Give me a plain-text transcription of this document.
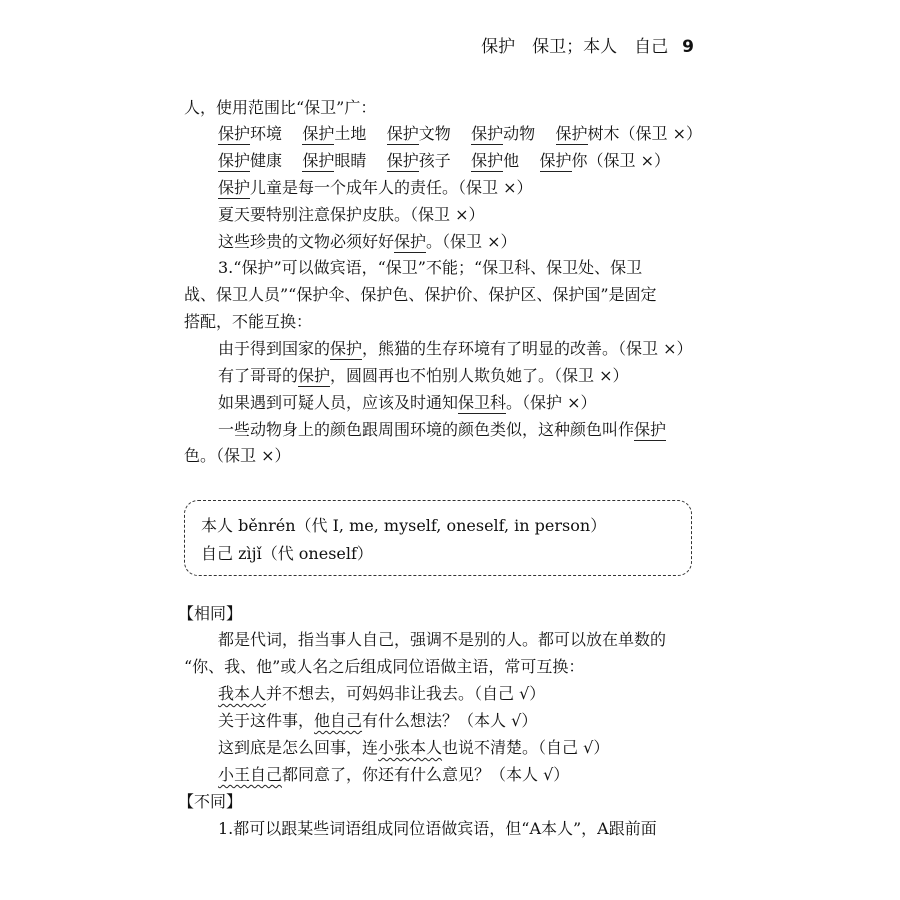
保护　保卫；本人　自己 9
人，使用范围比“保卫”广：
保护环境 保护土地 保护文物 保护动物 保护树木（保卫 ×）
保护健康 保护眼睛 保护孩子 保护他 保护你（保卫 ×）
保护儿童是每一个成年人的责任。（保卫 ×）
夏天要特别注意保护皮肤。（保卫 ×）
这些珍贵的文物必须好好保护。（保卫 ×）
3.“保护”可以做宾语，“保卫”不能；“保卫科、保卫处、保卫
战、保卫人员”“保护伞、保护色、保护价、保护区、保护国”是固定
搭配，不能互换：
由于得到国家的保护，熊猫的生存环境有了明显的改善。（保卫 ×）
有了哥哥的保护，圆圆再也不怕别人欺负她了。（保卫 ×）
如果遇到可疑人员，应该及时通知保卫科。（保护 ×）
一些动物身上的颜色跟周围环境的颜色类似，这种颜色叫作保护
色。（保卫 ×）
本人 běnrén（代 I, me, myself, oneself, in person）
自己 zìjǐ（代 oneself）
【相同】
都是代词，指当事人自己，强调不是别的人。都可以放在单数的
“你、我、他”或人名之后组成同位语做主语，常可互换：
我本人并不想去，可妈妈非让我去。（自己 √）
关于这件事，他自己有什么想法？（本人 √）
这到底是怎么回事，连小张本人也说不清楚。（自己 √）
小王自己都同意了，你还有什么意见？（本人 √）
【不同】
1.都可以跟某些词语组成同位语做宾语，但“A本人”，A跟前面
